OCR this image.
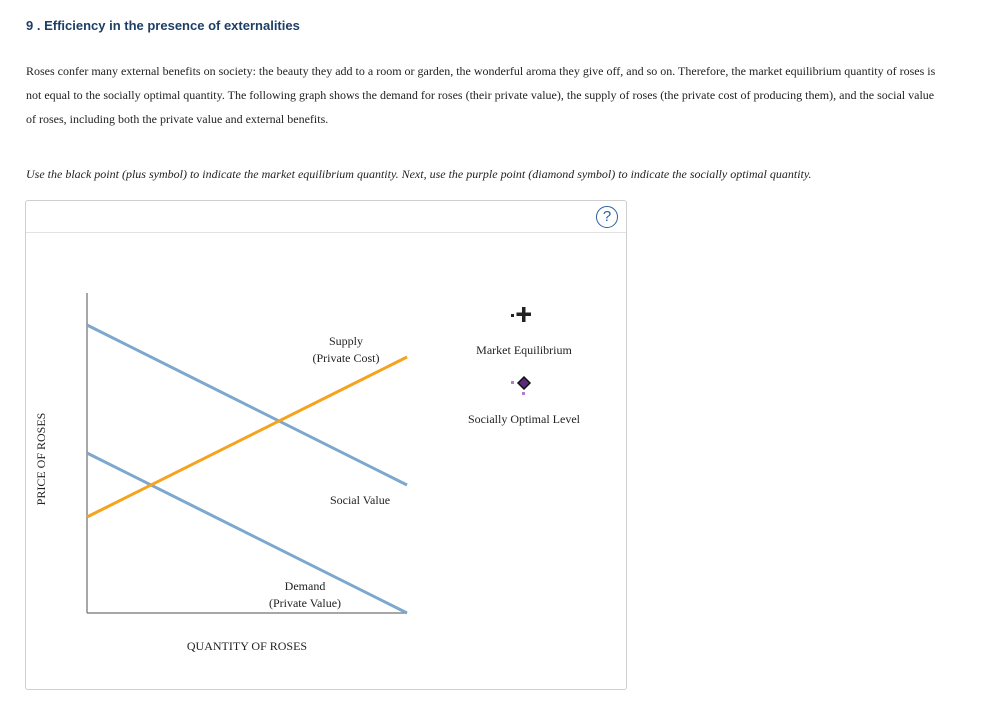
9 . Efficiency in the presence of externalities

Roses confer many external benefits on society: the beauty they add to a room or garden, the wonderful aroma they give off, and so on. Therefore, the market equilibrium quantity of roses is not equal to the socially optimal quantity. The following graph shows the demand for roses (their private value), the supply of roses (the private cost of producing them), and the social value of roses, including both the private value and external benefits.

Use the black point (plus symbol) to indicate the market equilibrium quantity. Next, use the purple point (diamond symbol) to indicate the socially optimal quantity.

?
Supply
(Private Cost)
Social Value
Demand
(Private Value)
PRICE OF ROSES
QUANTITY OF ROSES
Market Equilibrium
Socially Optimal Level
